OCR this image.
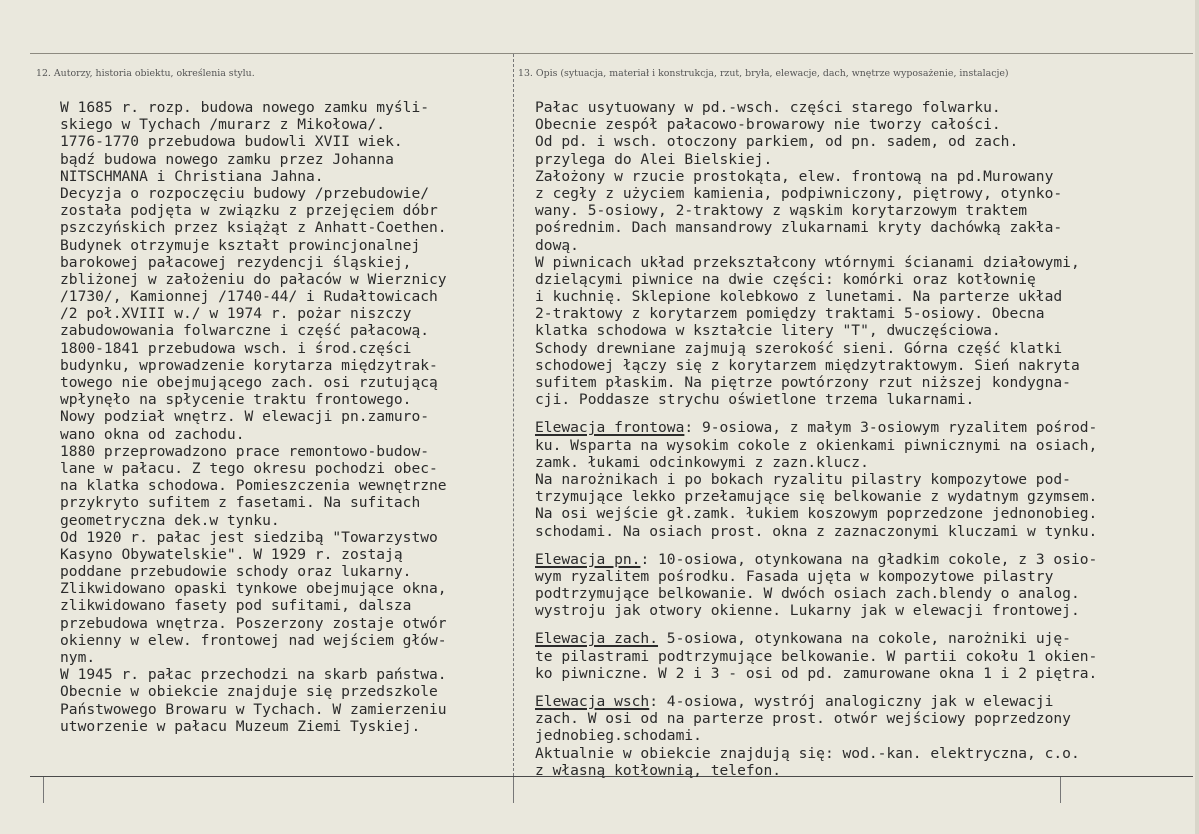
12. Autorzy, historia obiektu, określenia stylu.	13. Opis (sytuacja, materiał i konstrukcja, rzut, bryła, elewacje, dach, wnętrze wyposażenie, instalacje)
W 1685 r. rozp. budowa nowego zamku myśli-
skiego w Tychach /murarz z Mikołowa/.
1776-1770 przebudowa budowli XVII wiek.
bądź budowa nowego zamku przez Johanna
NITSCHMANA i Christiana Jahna.
Decyzja o rozpoczęciu budowy /przebudowie/
została podjęta w związku z przejęciem dóbr
pszczyńskich przez książąt z Anhatt-Coethen.
Budynek otrzymuje kształt prowincjonalnej
barokowej pałacowej rezydencji śląskiej,
zbliżonej w założeniu do pałaców w Wierznicy
/1730/, Kamionnej /1740-44/ i Rudałtowicach
/2 poł.XVIII w./ w 1974 r. pożar niszczy
zabudowowania folwarczne i część pałacową.
1800-1841 przebudowa wsch. i środ.części
budynku, wprowadzenie korytarza międzytrak-
towego nie obejmującego zach. osi rzutującą
wpłynęło na spłycenie traktu frontowego.
Nowy podział wnętrz. W elewacji pn.zamuro-
wano okna od zachodu.
1880 przeprowadzono prace remontowo-budow-
lane w pałacu. Z tego okresu pochodzi obec-
na klatka schodowa. Pomieszczenia wewnętrzne
przykryto sufitem z fasetami. Na sufitach
geometryczna dek.w tynku.
Od 1920 r. pałac jest siedzibą "Towarzystwo
Kasyno Obywatelskie". W 1929 r. zostają
poddane przebudowie schody oraz lukarny.
Zlikwidowano opaski tynkowe obejmujące okna,
zlikwidowano fasety pod sufitami, dalsza
przebudowa wnętrza. Poszerzony zostaje otwór
okienny w elew. frontowej nad wejściem głów-
nym.
W 1945 r. pałac przechodzi na skarb państwa.
Obecnie w obiekcie znajduje się przedszkole
Państwowego Browaru w Tychach. W zamierzeniu
utworzenie w pałacu Muzeum Ziemi Tyskiej.
Pałac usytuowany w pd.-wsch. części starego folwarku.
Obecnie zespół pałacowo-browarowy nie tworzy całości.
Od pd. i wsch. otoczony parkiem, od pn. sadem, od zach.
przylega do Alei Bielskiej.
Założony w rzucie prostokąta, elew. frontową na pd.Murowany
z cegły z użyciem kamienia, podpiwniczony, piętrowy, otynko-
wany. 5-osiowy, 2-traktowy z wąskim korytarzowym traktem
pośrednim. Dach mansandrowy zlukarnami kryty dachówką zakła-
dową.
W piwnicach układ przekształcony wtórnymi ścianami działowymi,
dzielącymi piwnice na dwie części: komórki oraz kotłownię
i kuchnię. Sklepione kolebkowo z lunetami. Na parterze układ
2-traktowy z korytarzem pomiędzy traktami 5-osiowy. Obecna
klatka schodowa w kształcie litery "T", dwuczęściowa.
Schody drewniane zajmują szerokość sieni. Górna część klatki
schodowej łączy się z korytarzem międzytraktowym. Sień nakryta
sufitem płaskim. Na piętrze powtórzony rzut niższej kondygna-
cji. Poddasze strychu oświetlone trzema lukarnami.
Elewacja frontowa: 9-osiowa, z małym 3-osiowym ryzalitem pośrod-
ku. Wsparta na wysokim cokole z okienkami piwnicznymi na osiach,
zamk. łukami odcinkowymi z zazn.klucz.
Na narożnikach i po bokach ryzalitu pilastry kompozytowe pod-
trzymujące lekko przełamujące się belkowanie z wydatnym gzymsem.
Na osi wejście gł.zamk. łukiem koszowym poprzedzone jednonobieg.
schodami. Na osiach prost. okna z zaznaczonymi kluczami w tynku.
Elewacja pn.: 10-osiowa, otynkowana na gładkim cokole, z 3 osio-
wym ryzalitem pośrodku. Fasada ujęta w kompozytowe pilastry
podtrzymujące belkowanie. W dwóch osiach zach.blendy o analog.
wystroju jak otwory okienne. Lukarny jak w elewacji frontowej.
Elewacja zach. 5-osiowa, otynkowana na cokole, narożniki uję-
te pilastrami podtrzymujące belkowanie. W partii cokołu 1 okien-
ko piwniczne. W 2 i 3 - osi od pd. zamurowane okna 1 i 2 piętra.
Elewacja wsch: 4-osiowa, wystrój analogiczny jak w elewacji
zach. W osi od na parterze prost. otwór wejściowy poprzedzony
jednobieg.schodami.
Aktualnie w obiekcie znajdują się: wod.-kan. elektryczna, c.o.
z własną kotłownią, telefon.
